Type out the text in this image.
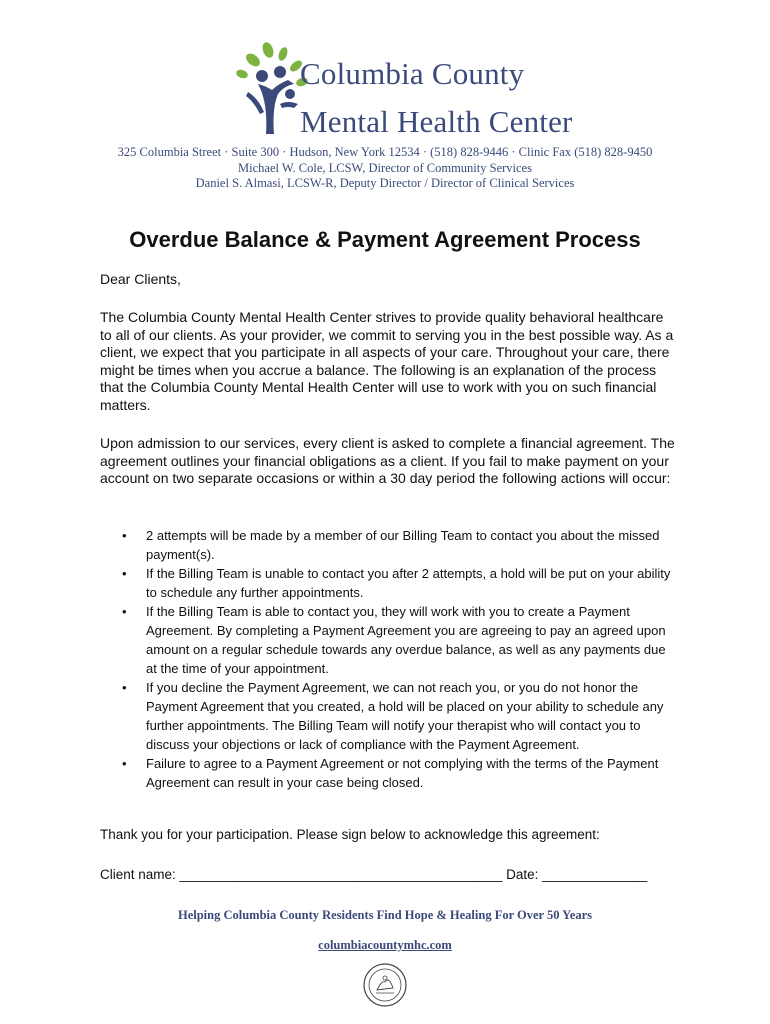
Columbia County
Mental Health Center
325 Columbia Street · Suite 300 · Hudson, New York 12534 · (518) 828-9446 · Clinic Fax (518) 828-9450
Michael W. Cole, LCSW, Director of Community Services
Daniel S. Almasi, LCSW-R, Deputy Director / Director of Clinical Services
Overdue Balance & Payment Agreement Process
Dear Clients,
The Columbia County Mental Health Center strives to provide quality behavioral healthcare to all of our clients. As your provider, we commit to serving you in the best possible way. As a client, we expect that you participate in all aspects of your care. Throughout your care, there might be times when you accrue a balance. The following is an explanation of the process that the Columbia County Mental Health Center will use to work with you on such financial matters.
Upon admission to our services, every client is asked to complete a financial agreement. The agreement outlines your financial obligations as a client. If you fail to make payment on your account on two separate occasions or within a 30 day period the following actions will occur:
• 2 attempts will be made by a member of our Billing Team to contact you about the missed payment(s).
• If the Billing Team is unable to contact you after 2 attempts, a hold will be put on your ability to schedule any further appointments.
• If the Billing Team is able to contact you, they will work with you to create a Payment Agreement. By completing a Payment Agreement you are agreeing to pay an agreed upon amount on a regular schedule towards any overdue balance, as well as any payments due at the time of your appointment.
• If you decline the Payment Agreement, we can not reach you, or you do not honor the Payment Agreement that you created, a hold will be placed on your ability to schedule any further appointments. The Billing Team will notify your therapist who will contact you to discuss your objections or lack of compliance with the Payment Agreement.
• Failure to agree to a Payment Agreement or not complying with the terms of the Payment Agreement can result in your case being closed.
Thank you for your participation. Please sign below to acknowledge this agreement:
Client name: ___________________________________________ Date: ______________
Helping Columbia County Residents Find Hope & Healing For Over 50 Years
columbiacountymhc.com
